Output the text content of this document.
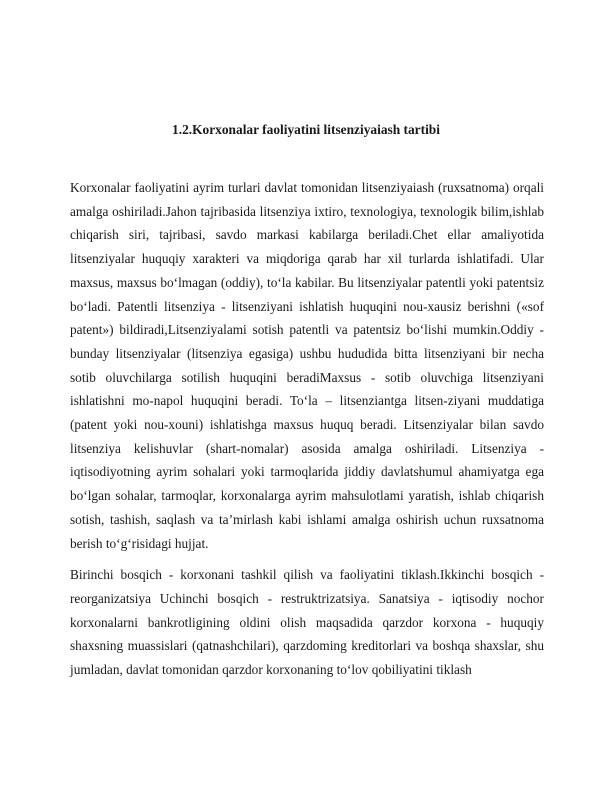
1.2.Korxonalar faoliyatini litsenziyaiash tartibi

Korxonalar faoliyatini ayrim turlari davlat tomonidan litsenziyaiash (ruxsatnoma) orqali amalga oshiriladi.Jahon tajribasida litsenziya ixtiro, texnologiya, texnologik bilim,ishlab chiqarish siri, tajribasi, savdo markasi kabilarga beriladi.Chet ellar amaliyotida litsenziyalar huquqiy xarakteri va miqdoriga qarab har xil turlarda ishlatifadi. Ular maxsus, maxsus bo‘lmagan (oddiy), to‘la kabilar. Bu litsenziyalar patentli yoki patentsiz bo‘ladi. Patentli litsenziya - litsenziyani ishlatish huquqini nou-xausiz berishni («sof patent») bildiradi,Litsenziyalami sotish patentli va patentsiz bo‘lishi mumkin.Oddiy - bunday litsenziyalar (litsenziya egasiga) ushbu hududida bitta litsenziyani bir necha sotib oluvchilarga sotilish huquqini beradiMaxsus - sotib oluvchiga litsenziyani ishlatishni mo-napol huquqini beradi. To‘la – litsenziantga litsen-ziyani muddatiga (patent yoki nou-xouni) ishlatishga maxsus huquq beradi. Litsenziyalar bilan savdo litsenziya kelishuvlar (shart-nomalar) asosida amalga oshiriladi. Litsenziya - iqtisodiyotning ayrim sohalari yoki tarmoqlarida jiddiy davlatshumul ahamiyatga ega bo‘lgan sohalar, tarmoqlar, korxonalarga ayrim mahsulotlami yaratish, ishlab chiqarish sotish, tashish, saqlash va ta’mirlash kabi ishlami amalga oshirish uchun ruxsatnoma berish to‘g‘risidagi hujjat.

Birinchi bosqich - korxonani tashkil qilish va faoliyatini tiklash.Ikkinchi bosqich - reorganizatsiya Uchinchi bosqich - restruktrizatsiya. Sanatsiya - iqtisodiy nochor korxonalarni bankrotligining oldini olish maqsadida qarzdor korxona - huquqiy shaxsning muassislari (qatnashchilari), qarzdoming kreditorlari va boshqa shaxslar, shu jumladan, davlat tomonidan qarzdor korxonaning to‘lov qobiliyatini tiklash
